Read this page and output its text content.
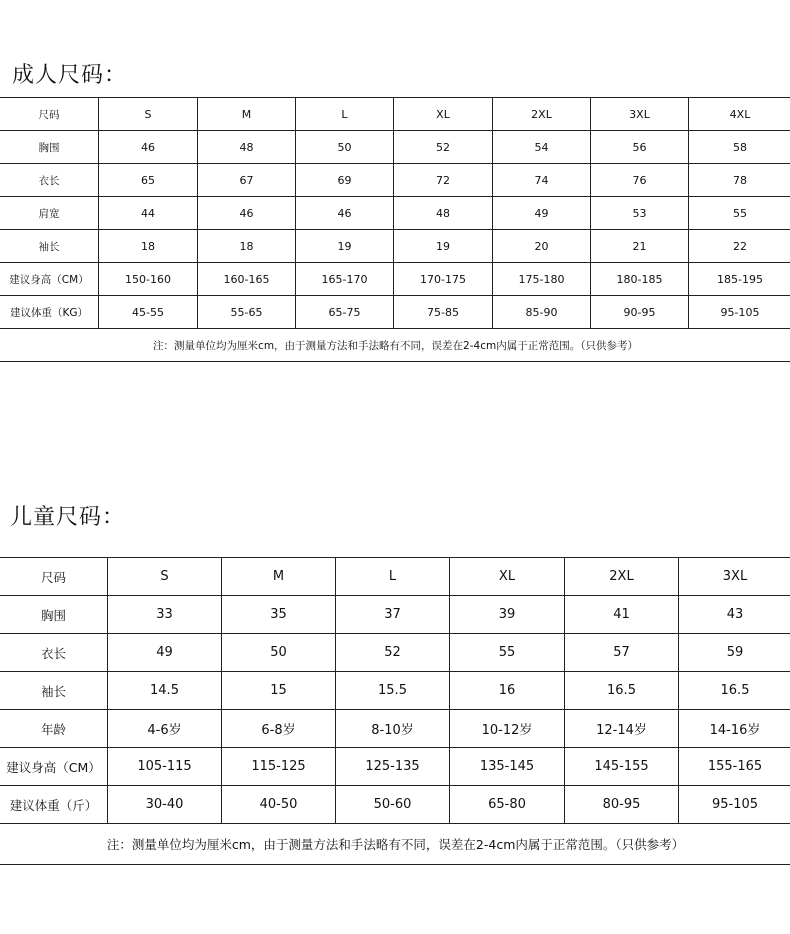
成人尺码：
尺码	S	M	L	XL	2XL	3XL	4XL
胸围	46	48	50	52	54	56	58
衣长	65	67	69	72	74	76	78
肩宽	44	46	46	48	49	53	55
袖长	18	18	19	19	20	21	22
建议身高（CM）	150-160	160-165	165-170	170-175	175-180	180-185	185-195
建议体重（KG）	45-55	55-65	65-75	75-85	85-90	90-95	95-105
注：测量单位均为厘米cm，由于测量方法和手法略有不同，误差在2-4cm内属于正常范围。（只供参考）							
儿童尺码：
尺码	S	M	L	XL	2XL	3XL
胸围	33	35	37	39	41	43
衣长	49	50	52	55	57	59
袖长	14.5	15	15.5	16	16.5	16.5
年龄	4-6岁	6-8岁	8-10岁	10-12岁	12-14岁	14-16岁
建议身高（CM）	105-115	115-125	125-135	135-145	145-155	155-165
建议体重（斤）	30-40	40-50	50-60	65-80	80-95	95-105
注：测量单位均为厘米cm，由于测量方法和手法略有不同，误差在2-4cm内属于正常范围。（只供参考）						
